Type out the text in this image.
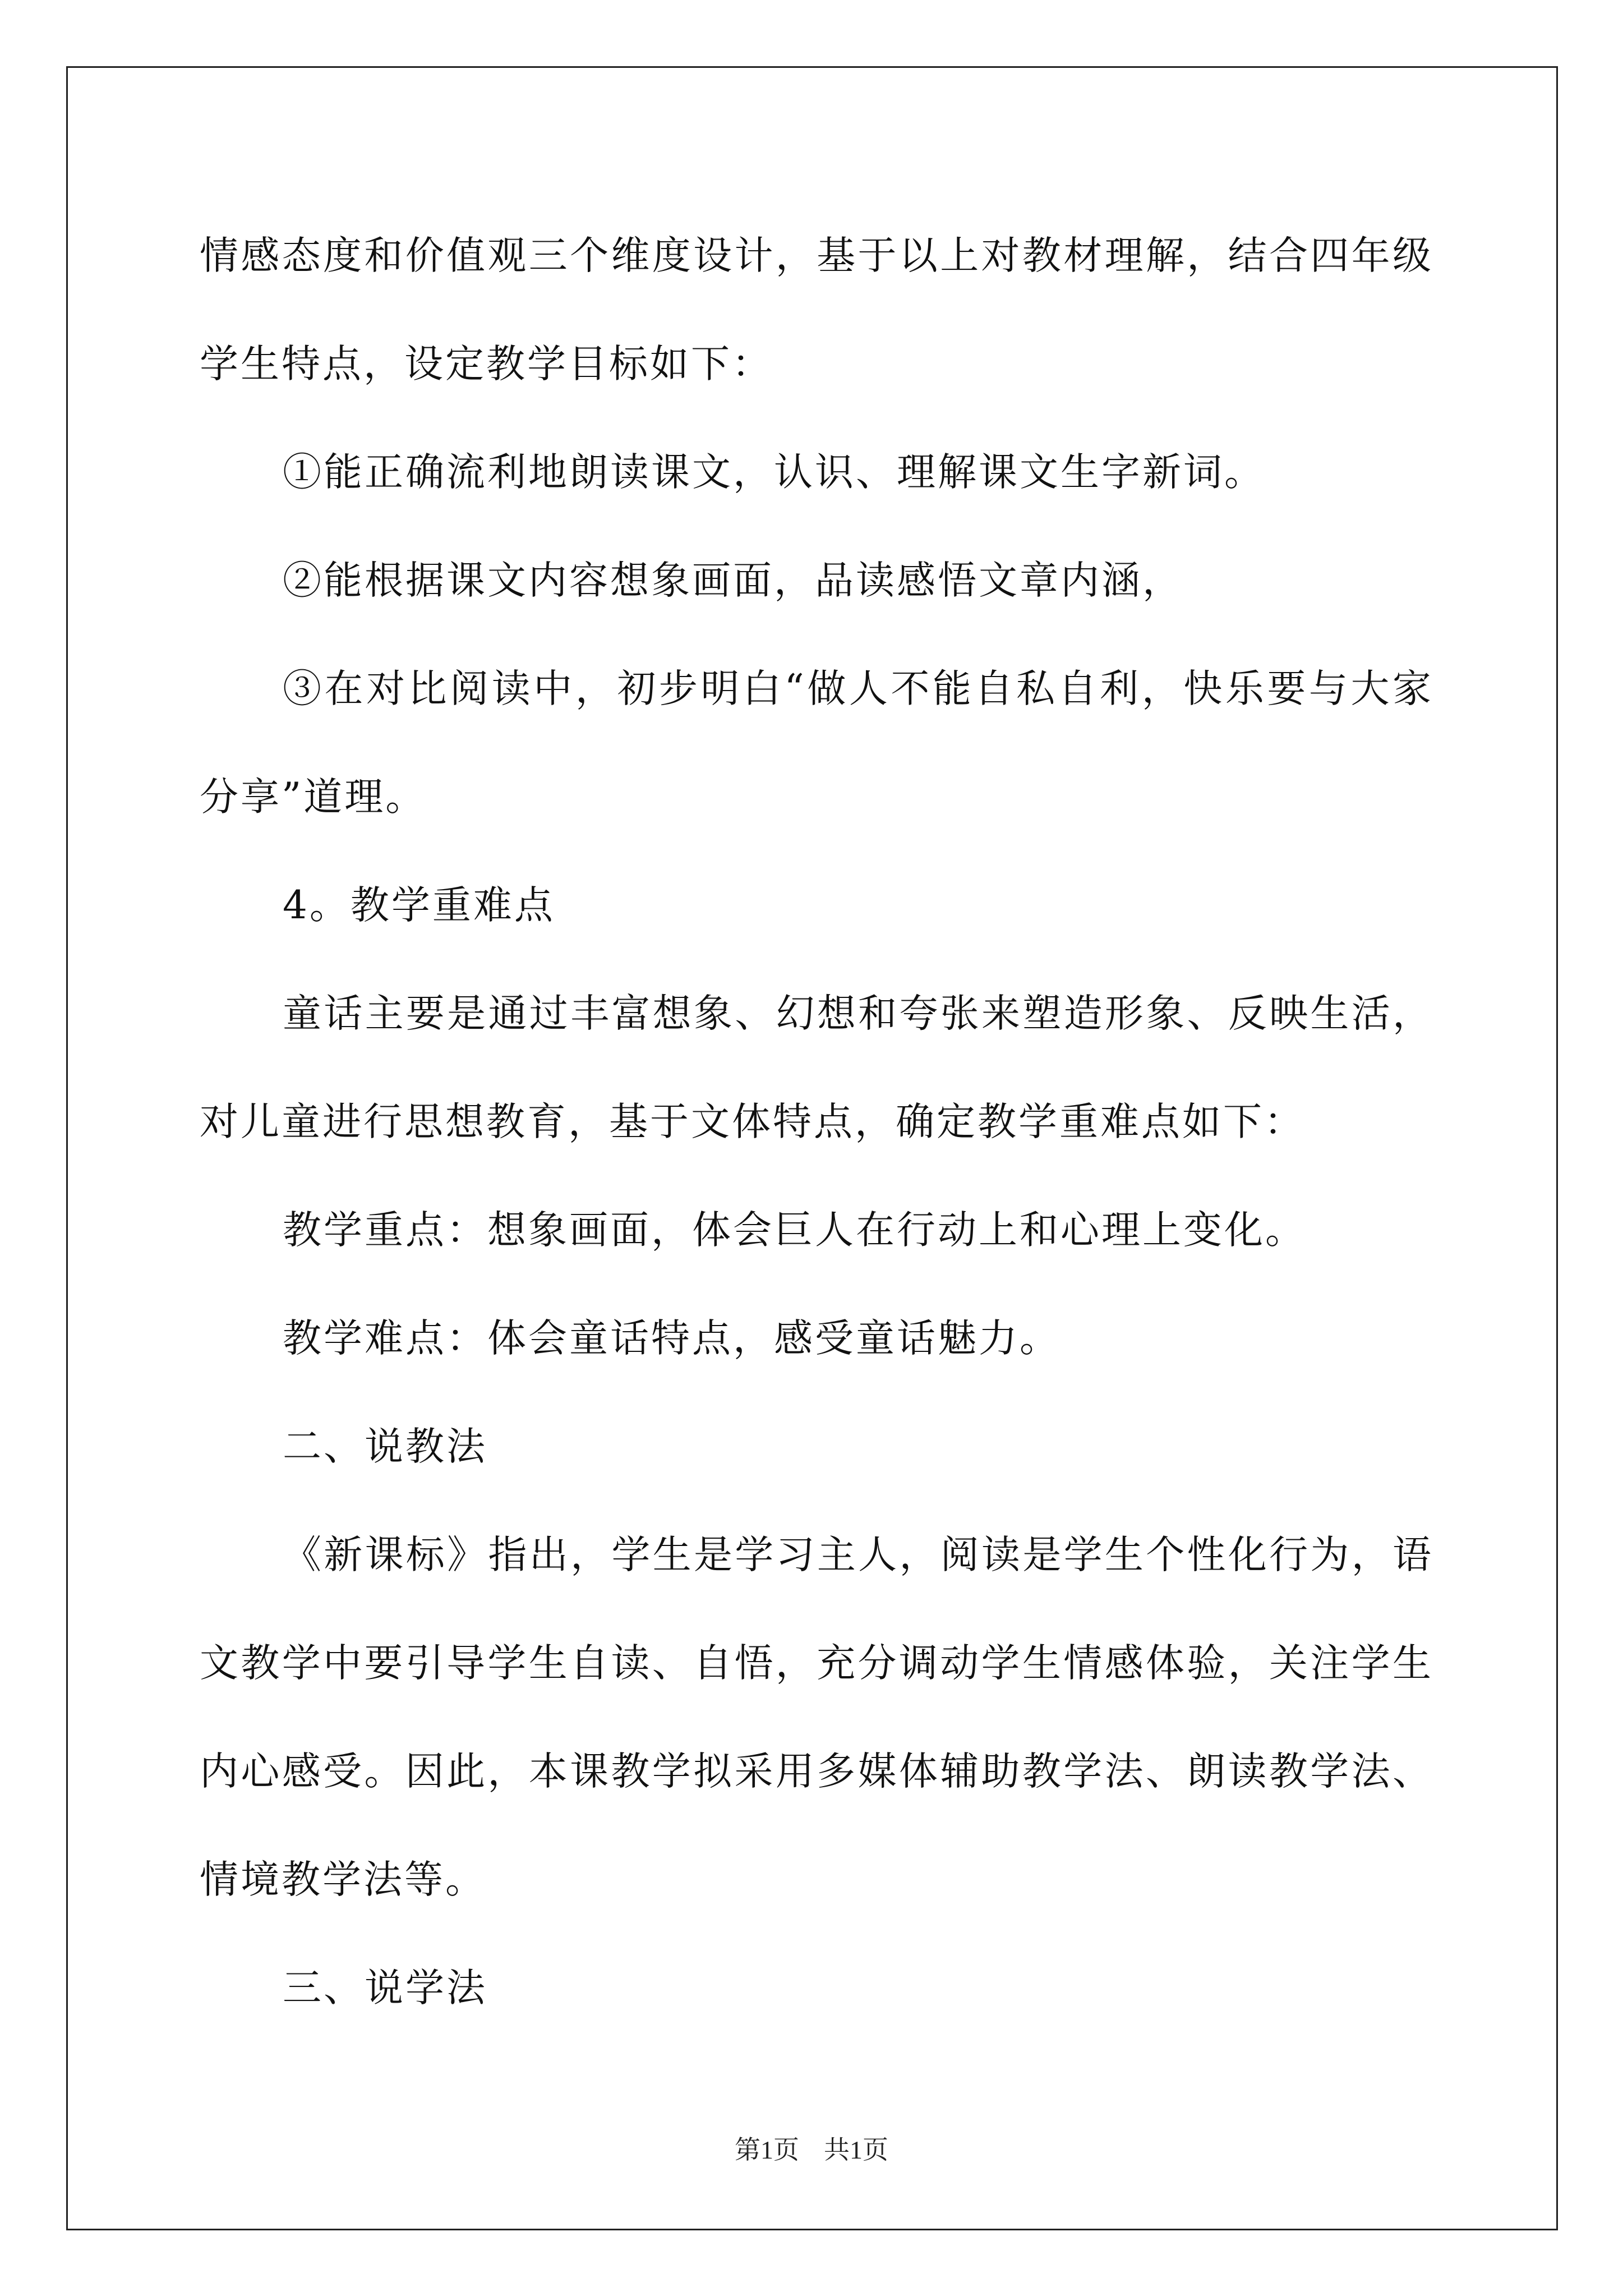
情感态度和价值观三个维度设计，基于以上对教材理解，结合四年级学生特点，设定教学目标如下：

①能正确流利地朗读课文，认识、理解课文生字新词。

②能根据课文内容想象画面，品读感悟文章内涵，

③在对比阅读中，初步明白“做人不能自私自利，快乐要与大家分享”道理。

4。教学重难点

童话主要是通过丰富想象、幻想和夸张来塑造形象、反映生活，对儿童进行思想教育，基于文体特点，确定教学重难点如下：

教学重点：想象画面，体会巨人在行动上和心理上变化。

教学难点：体会童话特点，感受童话魅力。

二、说教法

《新课标》指出，学生是学习主人，阅读是学生个性化行为，语文教学中要引导学生自读、自悟，充分调动学生情感体验，关注学生内心感受。因此，本课教学拟采用多媒体辅助教学法、朗读教学法、情境教学法等。

三、说学法

第1页 共1页
